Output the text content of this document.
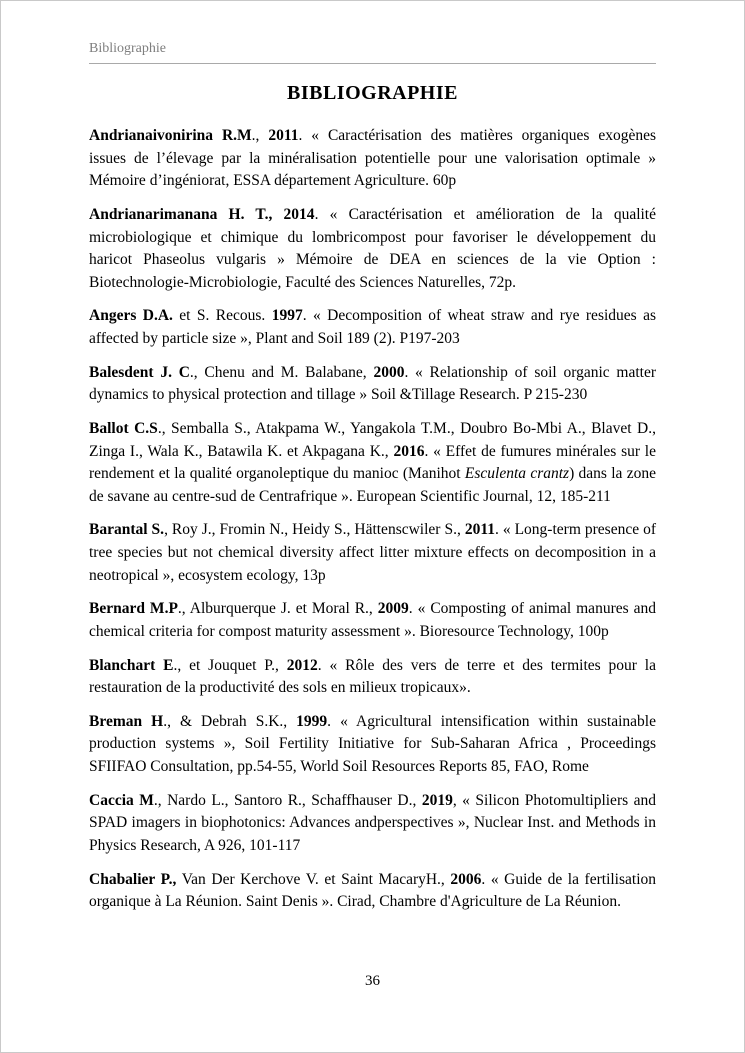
Bibliographie
BIBLIOGRAPHIE

Andrianaivonirina R.M., 2011. « Caractérisation des matières organiques exogènes issues de l’élevage par la minéralisation potentielle pour une valorisation optimale » Mémoire d’ingéniorat, ESSA département Agriculture. 60p

Andrianarimanana H. T., 2014. « Caractérisation et amélioration de la qualité microbiologique et chimique du lombricompost pour favoriser le développement du haricot Phaseolus vulgaris » Mémoire de DEA en sciences de la vie Option : Biotechnologie-Microbiologie, Faculté des Sciences Naturelles, 72p.

Angers D.A. et S. Recous. 1997. « Decomposition of wheat straw and rye residues as affected by particle size », Plant and Soil 189 (2). P197-203

Balesdent J. C., Chenu and M. Balabane, 2000. « Relationship of soil organic matter dynamics to physical protection and tillage » Soil &Tillage Research. P 215-230

Ballot C.S., Semballa S., Atakpama W., Yangakola T.M., Doubro Bo-Mbi A., Blavet D., Zinga I., Wala K., Batawila K. et Akpagana K., 2016. « Effet de fumures minérales sur le rendement et la qualité organoleptique du manioc (Manihot Esculenta crantz) dans la zone de savane au centre-sud de Centrafrique ». European Scientific Journal, 12, 185-211

Barantal S., Roy J., Fromin N., Heidy S., Hättenscwiler S., 2011. « Long-term presence of tree species but not chemical diversity affect litter mixture effects on decomposition in a neotropical », ecosystem ecology, 13p

Bernard M.P., Alburquerque J. et Moral R., 2009. « Composting of animal manures and chemical criteria for compost maturity assessment ». Bioresource Technology, 100p

Blanchart E., et Jouquet P., 2012. « Rôle des vers de terre et des termites pour la restauration de la productivité des sols en milieux tropicaux».

Breman H., & Debrah S.K., 1999. « Agricultural intensification within sustainable production systems », Soil Fertility Initiative for Sub-Saharan Africa , Proceedings SFIIFAO Consultation, pp.54-55, World Soil Resources Reports 85, FAO, Rome

Caccia M., Nardo L., Santoro R., Schaffhauser D., 2019, « Silicon Photomultipliers and SPAD imagers in biophotonics: Advances andperspectives », Nuclear Inst. and Methods in Physics Research, A 926, 101-117

Chabalier P., Van Der Kerchove V. et Saint MacaryH., 2006. « Guide de la fertilisation organique à La Réunion. Saint Denis ». Cirad, Chambre d'Agriculture de La Réunion.

36
